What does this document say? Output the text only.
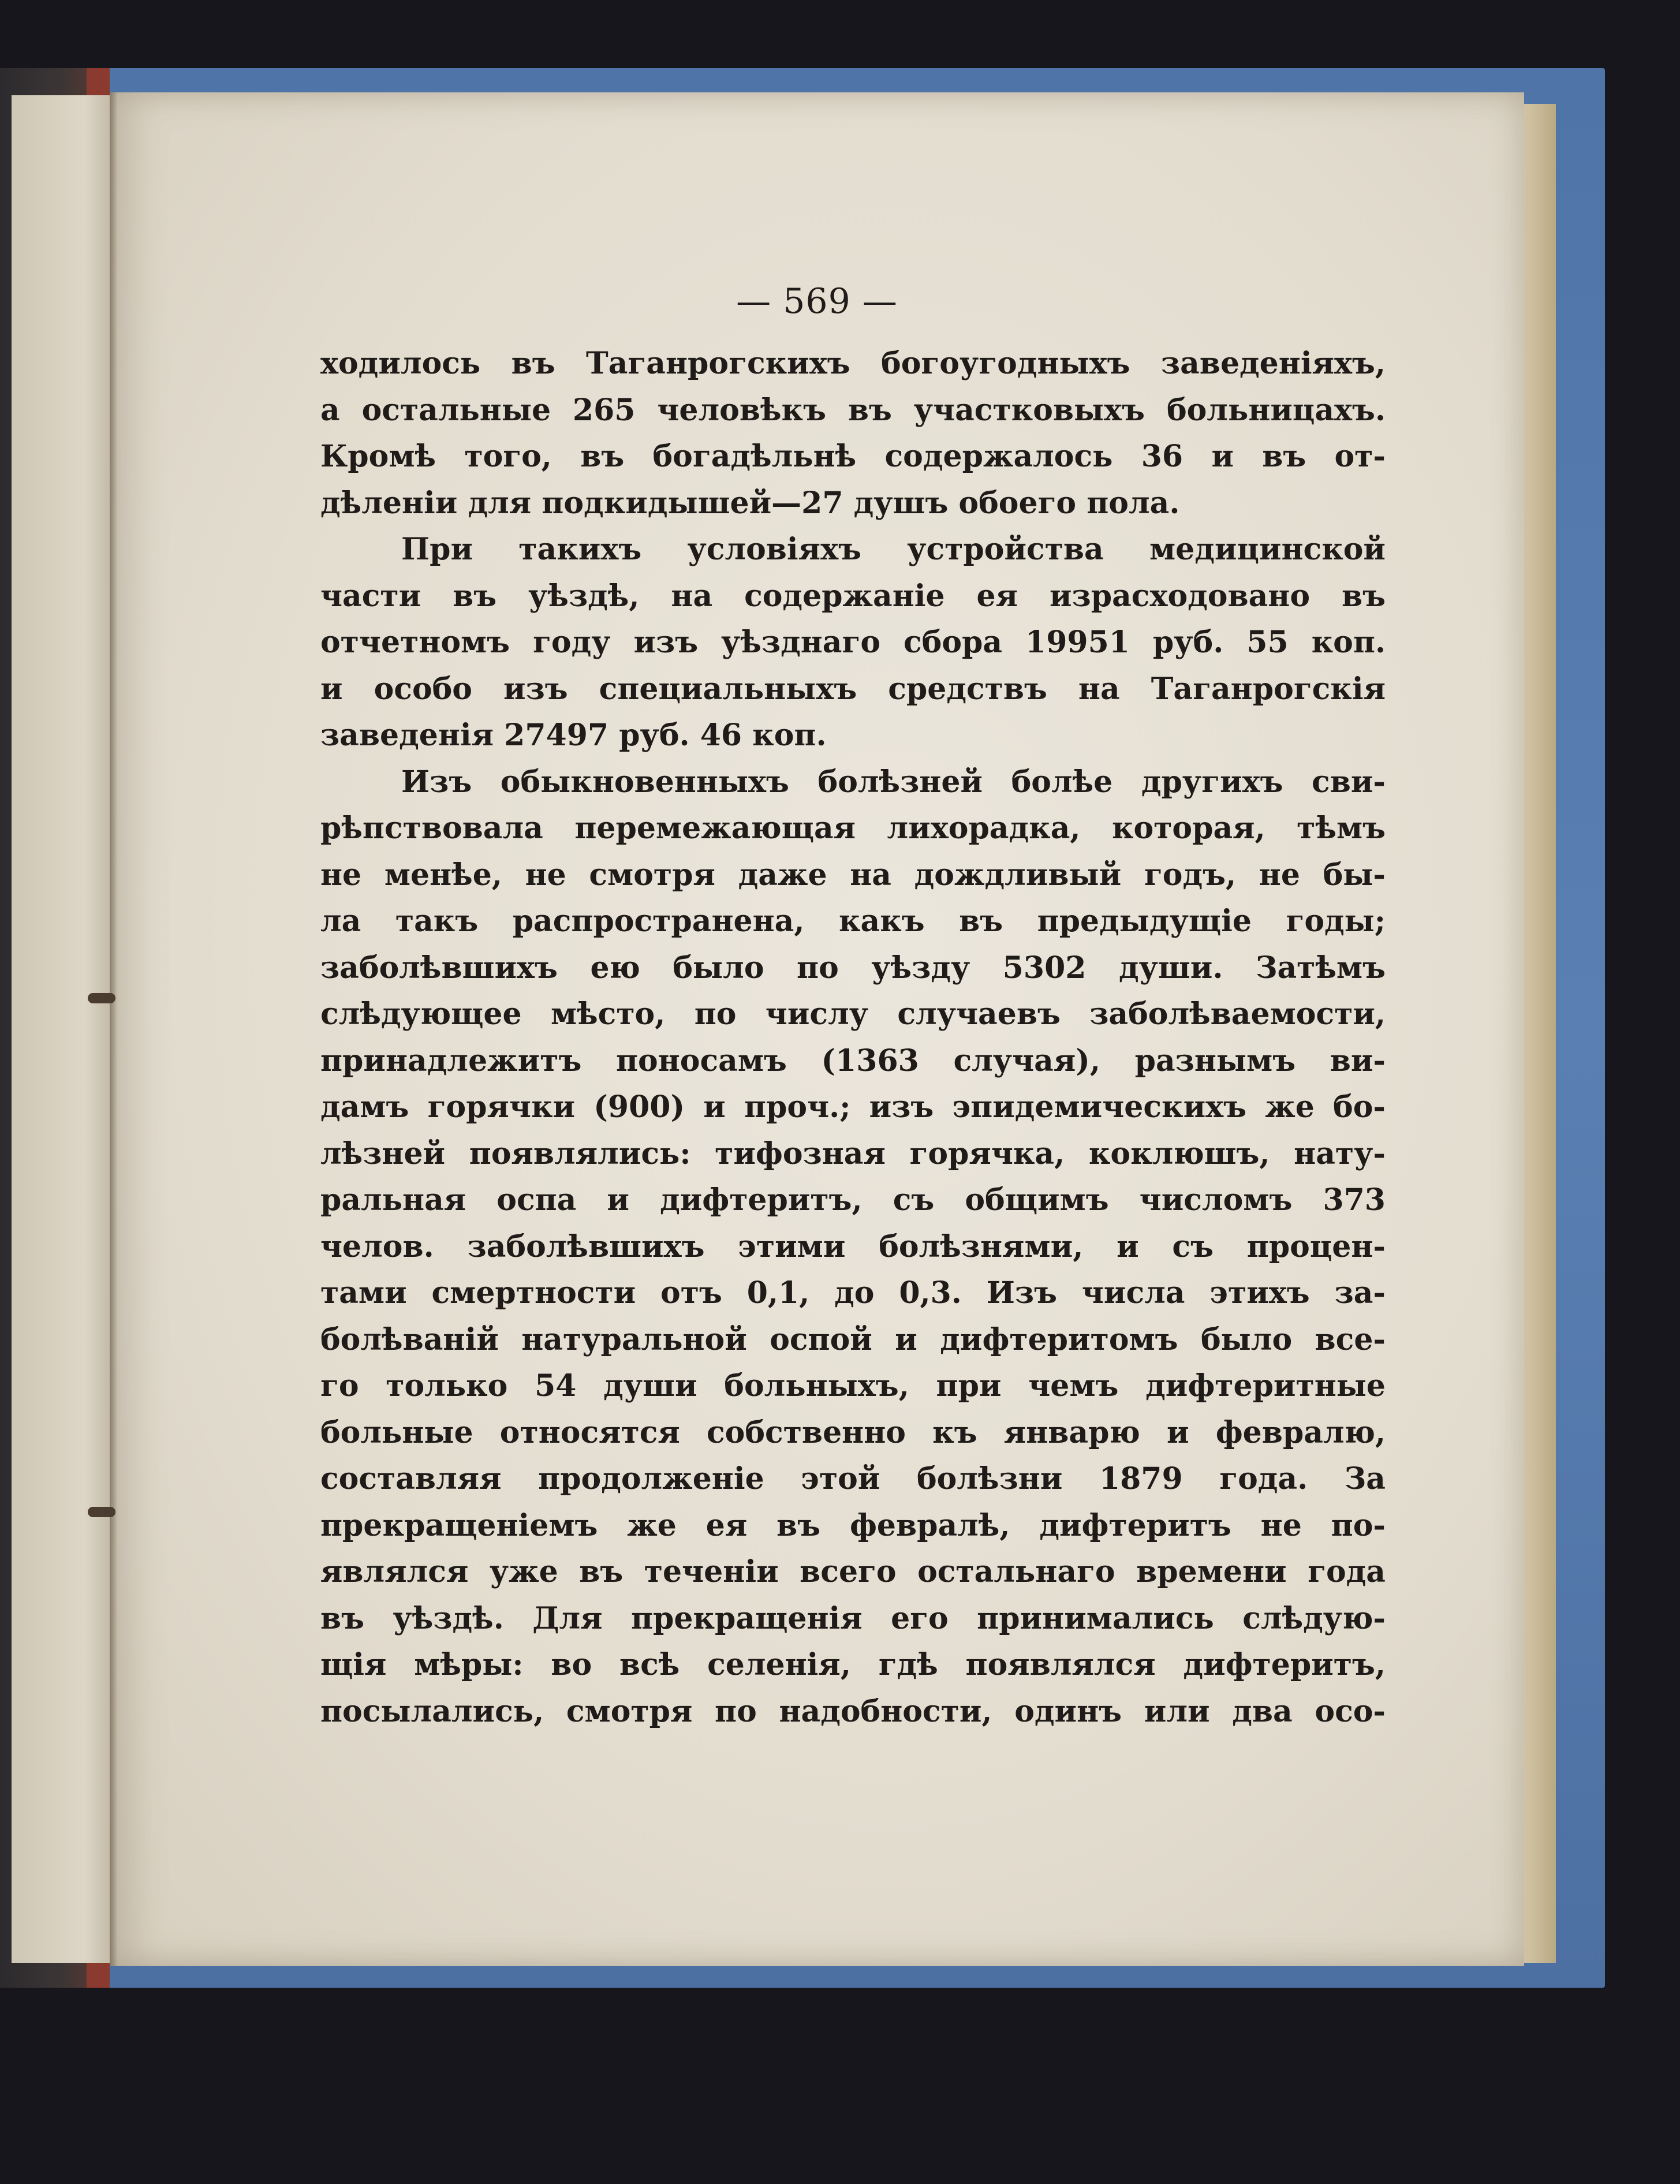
— 569 —
ходилось въ Таганрогскихъ богоугодныхъ заведеніяхъ,
а остальные 265 человѣкъ въ участковыхъ больницахъ.
Кромѣ того, въ богадѣльнѣ содержалось 36 и въ от-
дѣленіи для подкидышей—27 душъ обоего пола.
При такихъ условіяхъ устройства медицинской
части въ уѣздѣ, на содержаніе ея израсходовано въ
отчетномъ году изъ уѣзднаго сбора 19951 руб. 55 коп.
и особо изъ специальныхъ средствъ на Таганрогскія
заведенія 27497 руб. 46 коп.
Изъ обыкновенныхъ болѣзней болѣе другихъ сви-
рѣпствовала перемежающая лихорадка, которая, тѣмъ
не менѣе, не смотря даже на дождливый годъ, не бы-
ла такъ распространена, какъ въ предыдущіе годы;
заболѣвшихъ ею было по уѣзду 5302 души. Затѣмъ
слѣдующее мѣсто, по числу случаевъ заболѣваемости,
принадлежитъ поносамъ (1363 случая), разнымъ ви-
дамъ горячки (900) и проч.; изъ эпидемическихъ же бо-
лѣзней появлялись: тифозная горячка, коклюшъ, нату-
ральная оспа и дифтеритъ, съ общимъ числомъ 373
челов. заболѣвшихъ этими болѣзнями, и съ процен-
тами смертности отъ 0,1, до 0,3. Изъ числа этихъ за-
болѣваній натуральной оспой и дифтеритомъ было все-
го только 54 души больныхъ, при чемъ дифтеритные
больные относятся собственно къ январю и февралю,
составляя продолженіе этой болѣзни 1879 года. За
прекращеніемъ же ея въ февралѣ, дифтеритъ не по-
являлся уже въ теченіи всего остальнаго времени года
въ уѣздѣ. Для прекращенія его принимались слѣдую-
щія мѣры: во всѣ селенія, гдѣ появлялся дифтеритъ,
посылались, смотря по надобности, одинъ или два осо-
